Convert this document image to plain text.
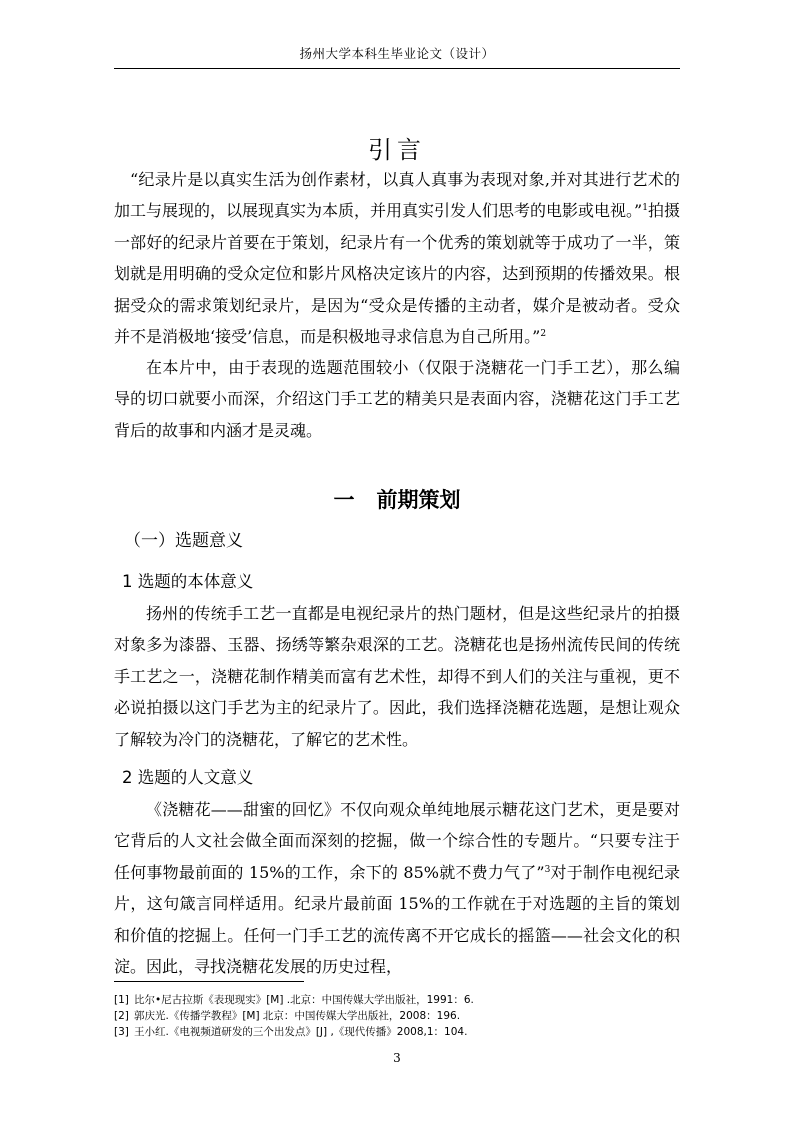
扬州大学本科生毕业论文（设计）
引言

“纪录片是以真实生活为创作素材，以真人真事为表现对象,并对其进行艺术的加工与展现的，以展现真实为本质，并用真实引发人们思考的电影或电视。”$^1$拍摄一部好的纪录片首要在于策划，纪录片有一个优秀的策划就等于成功了一半，策划就是用明确的受众定位和影片风格决定该片的内容，达到预期的传播效果。根据受众的需求策划纪录片，是因为“受众是传播的主动者，媒介是被动者。受众并不是消极地‘接受’信息，而是积极地寻求信息为自己所用。”$^2$

在本片中，由于表现的选题范围较小（仅限于浇糖花一门手工艺），那么编导的切口就要小而深，介绍这门手工艺的精美只是表面内容，浇糖花这门手工艺背后的故事和内涵才是灵魂。

一 前期策划
（一）选题意义
1 选题的本体意义

扬州的传统手工艺一直都是电视纪录片的热门题材，但是这些纪录片的拍摄对象多为漆器、玉器、扬绣等繁杂艰深的工艺。浇糖花也是扬州流传民间的传统手工艺之一，浇糖花制作精美而富有艺术性，却得不到人们的关注与重视，更不必说拍摄以这门手艺为主的纪录片了。因此，我们选择浇糖花选题，是想让观众了解较为冷门的浇糖花，了解它的艺术性。

2 选题的人文意义

《浇糖花——甜蜜的回忆》不仅向观众单纯地展示糖花这门艺术，更是要对它背后的人文社会做全面而深刻的挖掘，做一个综合性的专题片。“只要专注于任何事物最前面的 15%的工作，余下的 85%就不费力气了”$^3$对于制作电视纪录片，这句箴言同样适用。纪录片最前面 15%的工作就在于对选题的主旨的策划和价值的挖掘上。任何一门手工艺的流传离不开它成长的摇篮——社会文化的积淀。因此，寻找浇糖花发展的历史过程，

[1] 比尔•尼古拉斯《表现现实》[M] .北京：中国传媒大学出版社，1991：6.
[2] 郭庆光.《传播学教程》[M] 北京：中国传媒大学出版社，2008：196.
[3] 王小红.《电视频道研发的三个出发点》[J] ,《现代传播》2008,1：104.
3
